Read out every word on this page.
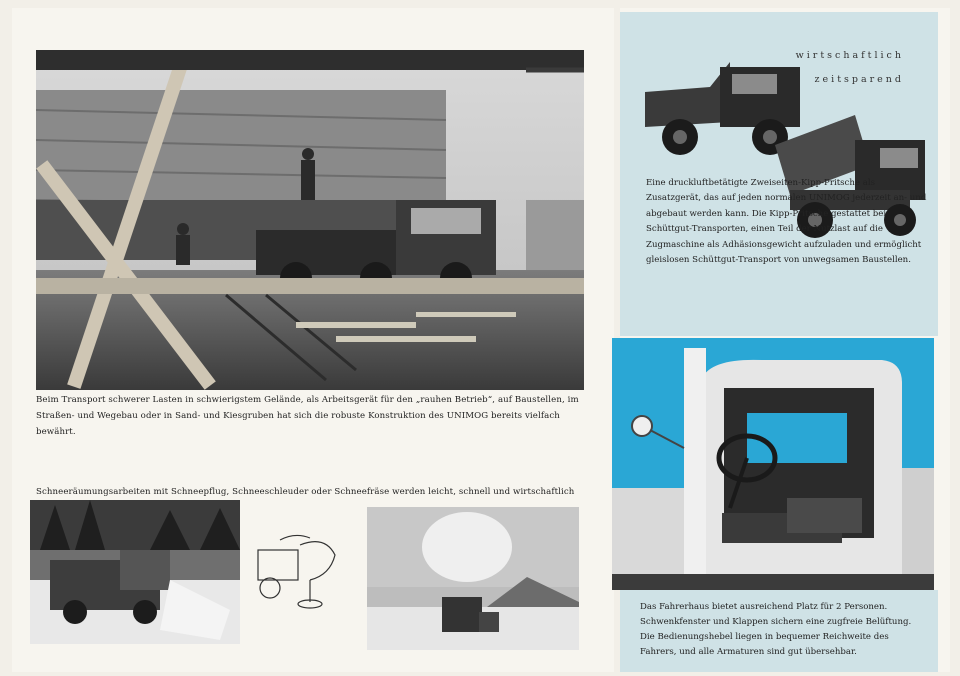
Beim Transport schwerer Lasten in schwierigstem Gelände, als Arbeitsgerät für den „rauhen Betrieb“, auf Baustellen, im Straßen- und Wegebau oder in Sand- und Kiesgruben hat sich die robuste Konstruktion des UNIMOG bereits vielfach bewährt.

Schneeräumungsarbeiten mit Schneepflug, Schneeschleuder oder Schneefräse werden leicht, schnell und wirtschaftlich

wirtschaftlich
zeitsparend

Eine druckluftbetätigte Zweiseiten-Kipp-Pritsche als Zusatzgerät, das auf jeden normalen UNIMOG jederzeit an- und abgebaut werden kann. Die Kipp-Pritsche gestattet bei Schüttgut-Transporten, einen Teil der Nutzlast auf die Zugmaschine als Adhäsionsgewicht aufzuladen und ermöglicht gleislosen Schüttgut-Transport von unwegsamen Baustellen.

Das Fahrerhaus bietet ausreichend Platz für 2 Personen. Schwenkfenster und Klappen sichern eine zugfreie Belüftung. Die Bedienungshebel liegen in bequemer Reichweite des Fahrers, und alle Armaturen sind gut übersehbar.
